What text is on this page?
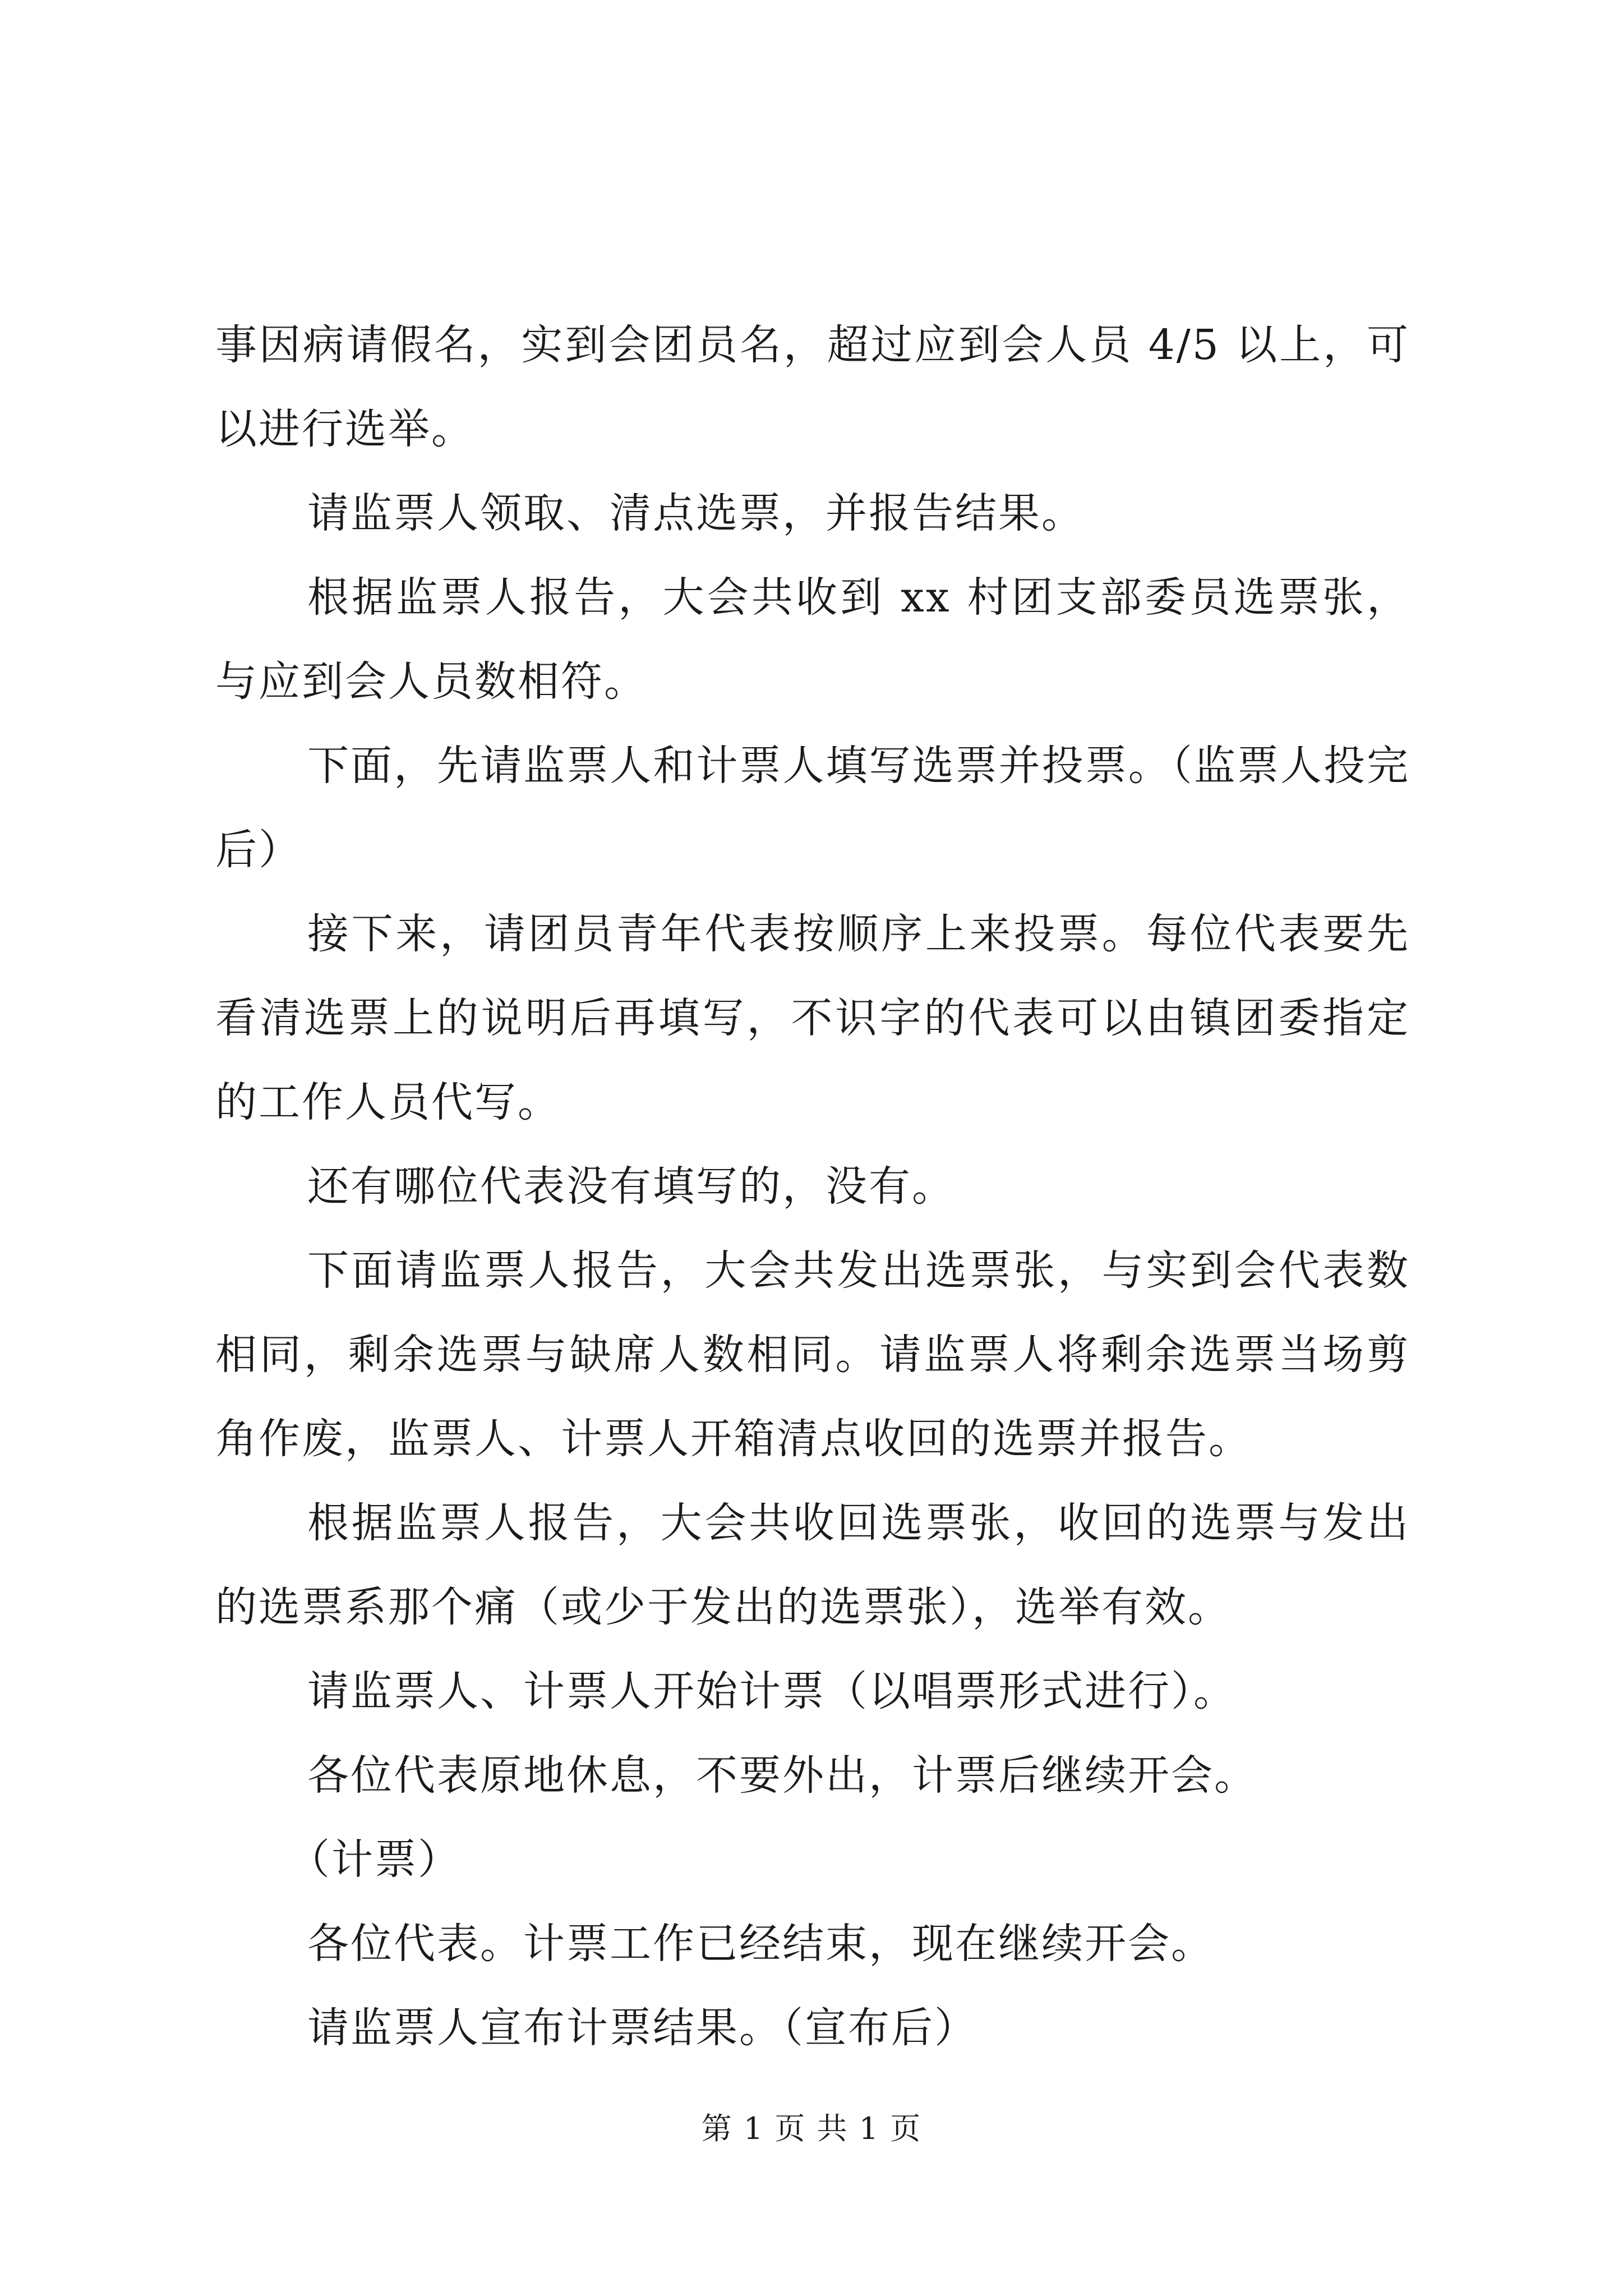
事因病请假名，实到会团员名，超过应到会人员 4/5 以上，可以进行选举。

请监票人领取、清点选票，并报告结果。

根据监票人报告，大会共收到 xx 村团支部委员选票张，与应到会人员数相符。

下面，先请监票人和计票人填写选票并投票。（监票人投完后）

接下来，请团员青年代表按顺序上来投票。每位代表要先看清选票上的说明后再填写，不识字的代表可以由镇团委指定的工作人员代写。

还有哪位代表没有填写的，没有。

下面请监票人报告，大会共发出选票张，与实到会代表数相同，剩余选票与缺席人数相同。请监票人将剩余选票当场剪角作废，监票人、计票人开箱清点收回的选票并报告。

根据监票人报告，大会共收回选票张，收回的选票与发出的选票系那个痛（或少于发出的选票张），选举有效。

请监票人、计票人开始计票（以唱票形式进行）。

各位代表原地休息，不要外出，计票后继续开会。

（计票）

各位代表。计票工作已经结束，现在继续开会。

请监票人宣布计票结果。（宣布后）

第 1 页 共 1 页
